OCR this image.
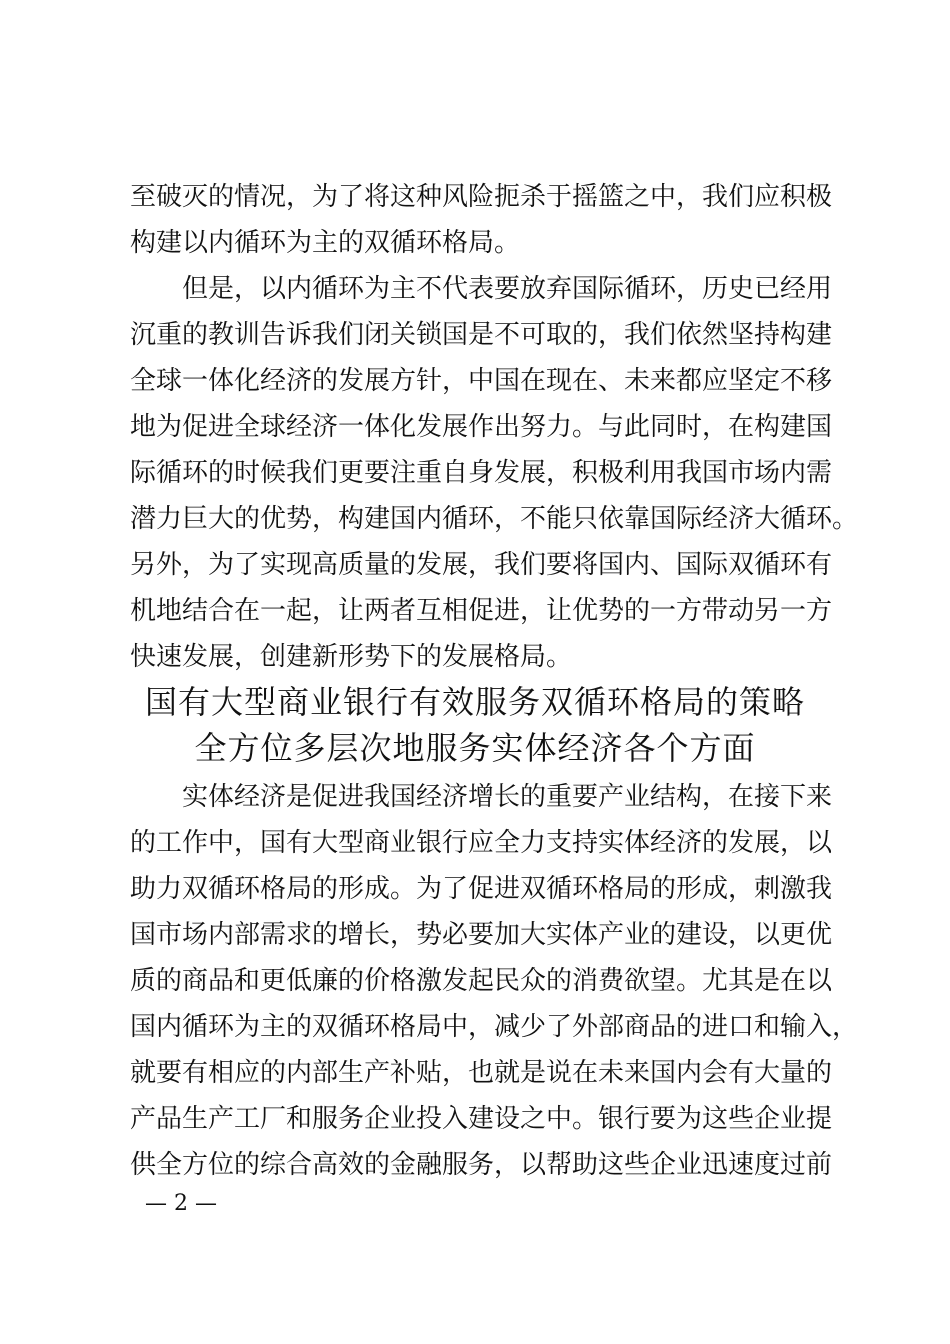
至破灭的情况，为了将这种风险扼杀于摇篮之中，我们应积极
构建以内循环为主的双循环格局。
但是，以内循环为主不代表要放弃国际循环，历史已经用
沉重的教训告诉我们闭关锁国是不可取的，我们依然坚持构建
全球一体化经济的发展方针，中国在现在、未来都应坚定不移
地为促进全球经济一体化发展作出努力。与此同时，在构建国
际循环的时候我们更要注重自身发展，积极利用我国市场内需
潜力巨大的优势，构建国内循环，不能只依靠国际经济大循环。
另外，为了实现高质量的发展，我们要将国内、国际双循环有
机地结合在一起，让两者互相促进，让优势的一方带动另一方
快速发展，创建新形势下的发展格局。
国有大型商业银行有效服务双循环格局的策略
全方位多层次地服务实体经济各个方面
实体经济是促进我国经济增长的重要产业结构，在接下来
的工作中，国有大型商业银行应全力支持实体经济的发展，以
助力双循环格局的形成。为了促进双循环格局的形成，刺激我
国市场内部需求的增长，势必要加大实体产业的建设，以更优
质的商品和更低廉的价格激发起民众的消费欲望。尤其是在以
国内循环为主的双循环格局中，减少了外部商品的进口和输入，
就要有相应的内部生产补贴，也就是说在未来国内会有大量的
产品生产工厂和服务企业投入建设之中。银行要为这些企业提
供全方位的综合高效的金融服务，以帮助这些企业迅速度过前
— 2 —
